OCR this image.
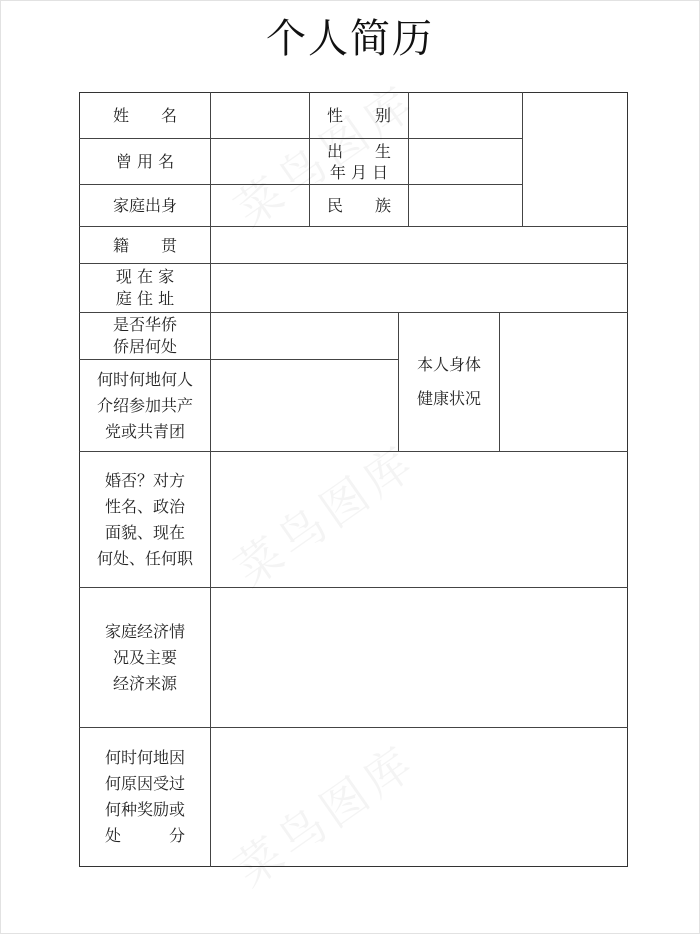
个人简历
姓　　名	性　　别
曾 用 名
出　　生
年 月 日
家庭出身	民　　族
籍　　贯
现 在 家
庭 住 址
是否华侨
侨居何处
本人身体
健康状况
何时何地何人
介绍参加共产
党或共青团
婚否？对方
性名、政治
面貌、现在
何处、任何职
家庭经济情
况及主要
经济来源
何时何地因
何原因受过
何种奖励或
处　　　分
